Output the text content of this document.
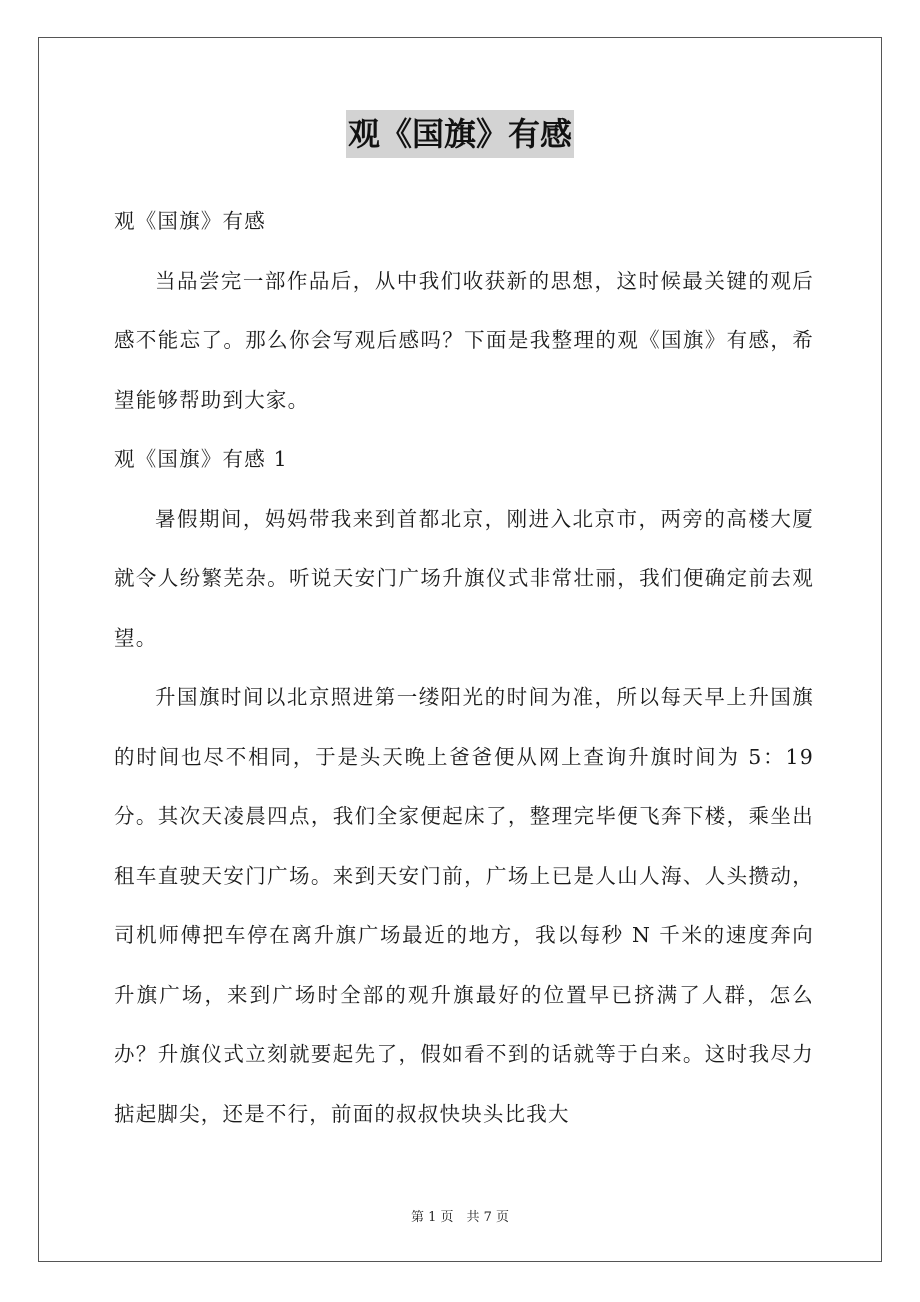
观《国旗》有感

观《国旗》有感

当品尝完一部作品后，从中我们收获新的思想，这时候最关键的观后感不能忘了。那么你会写观后感吗？下面是我整理的观《国旗》有感，希望能够帮助到大家。

观《国旗》有感 1

暑假期间，妈妈带我来到首都北京，刚进入北京市，两旁的高楼大厦就令人纷繁芜杂。听说天安门广场升旗仪式非常壮丽，我们便确定前去观望。

升国旗时间以北京照进第一缕阳光的时间为准，所以每天早上升国旗的时间也尽不相同，于是头天晚上爸爸便从网上查询升旗时间为 5：19 分。其次天凌晨四点，我们全家便起床了，整理完毕便飞奔下楼，乘坐出租车直驶天安门广场。来到天安门前，广场上已是人山人海、人头攒动，司机师傅把车停在离升旗广场最近的地方，我以每秒 N 千米的速度奔向升旗广场，来到广场时全部的观升旗最好的位置早已挤满了人群，怎么办？升旗仪式立刻就要起先了，假如看不到的话就等于白来。这时我尽力掂起脚尖，还是不行，前面的叔叔快块头比我大

第 1 页　共 7 页
